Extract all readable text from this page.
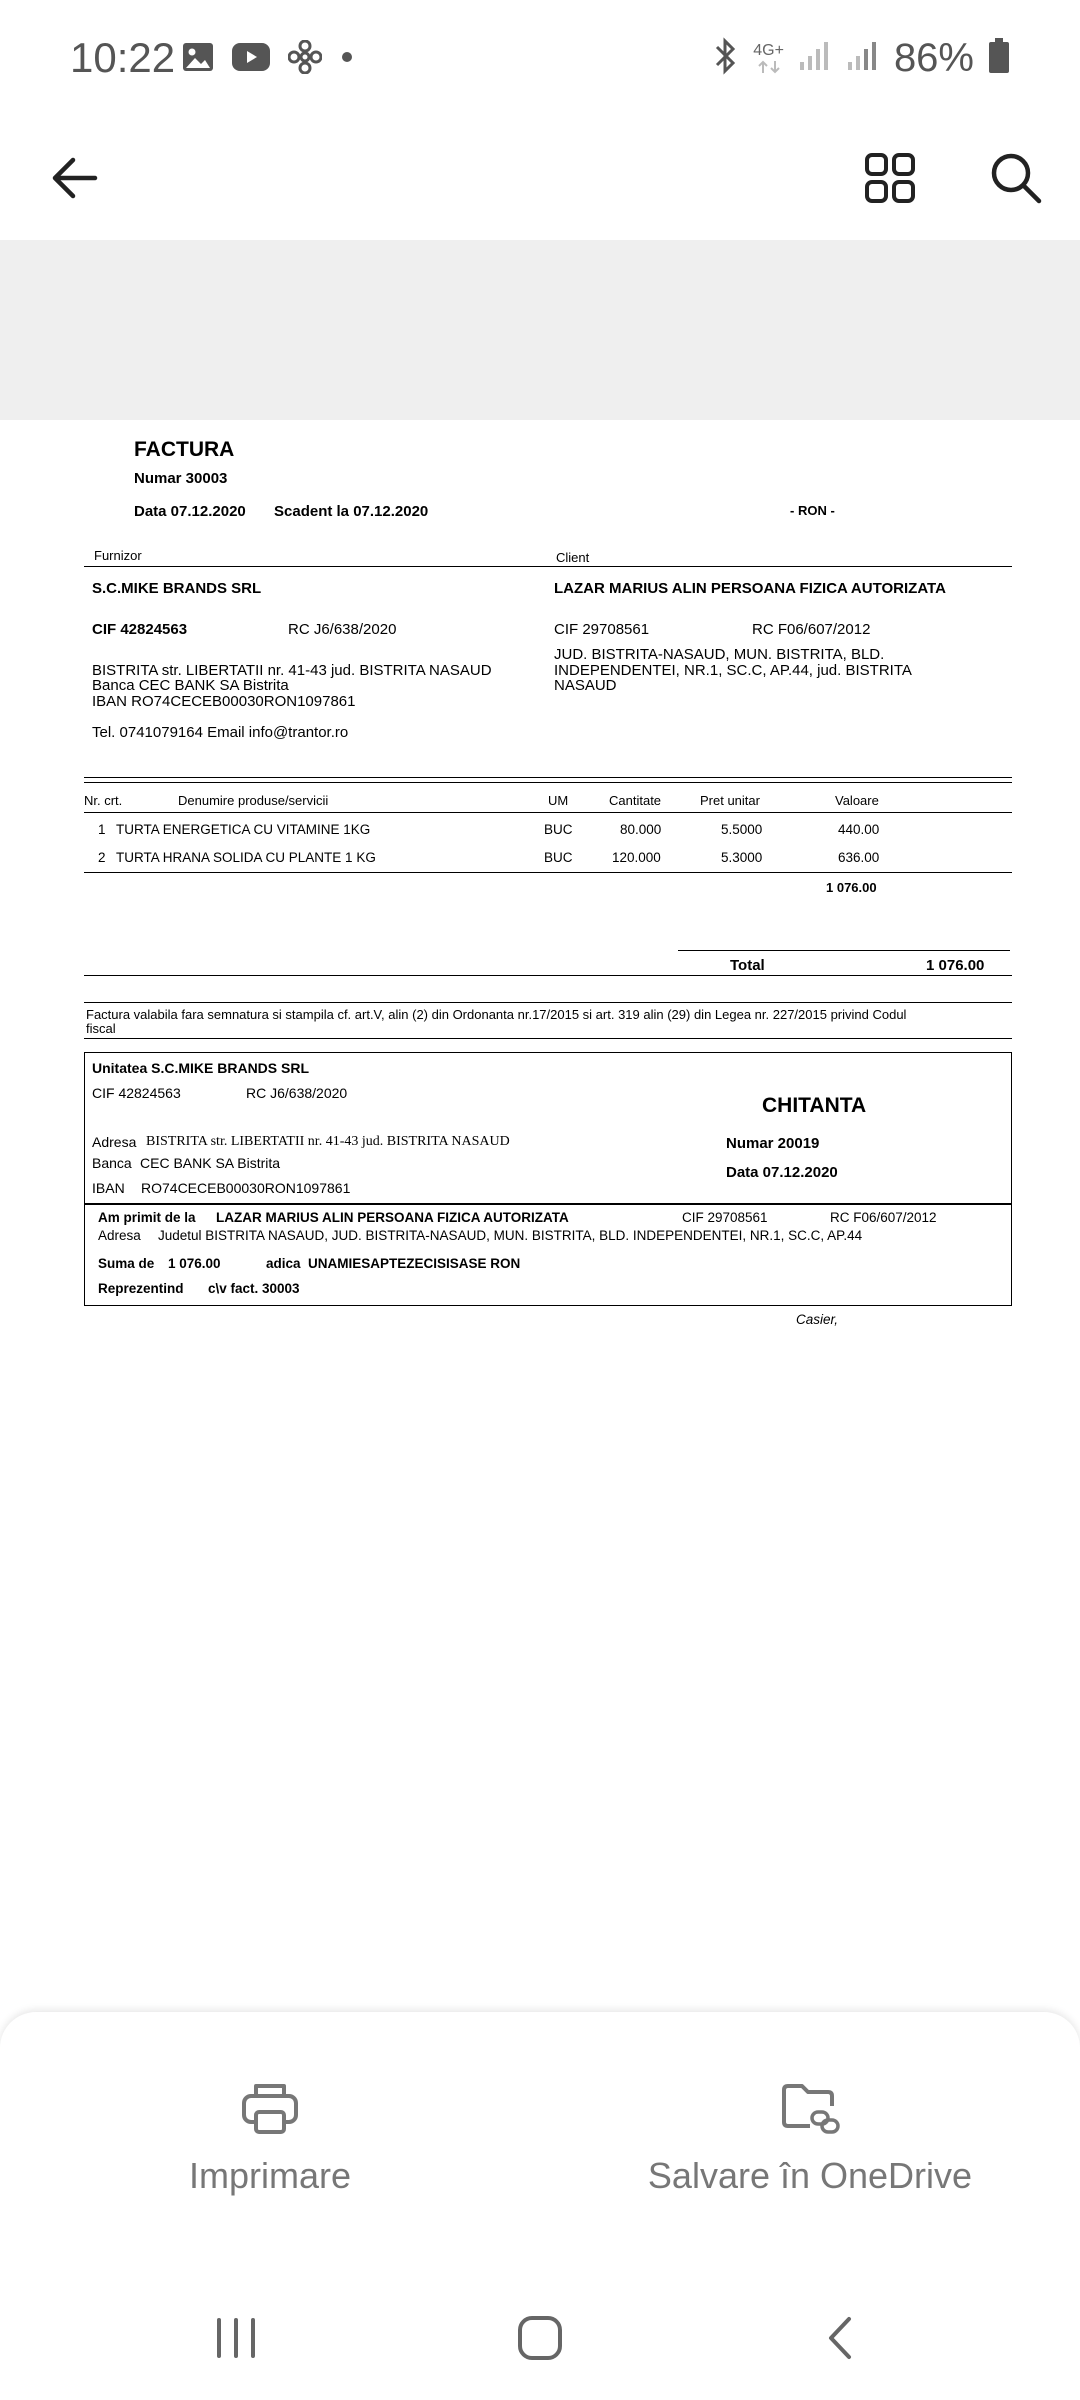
10:22	4G+	86%
FACTURA
Numar 30003
Data 07.12.2020 Scadent la 07.12.2020	- RON -
Furnizor	Client
S.C.MIKE BRANDS SRL	LAZAR MARIUS ALIN PERSOANA FIZICA AUTORIZATA
CIF 42824563	RC J6/638/2020	CIF 29708561	RC F06/607/2012
JUD. BISTRITA-NASAUD, MUN. BISTRITA, BLD.
BISTRITA str. LIBERTATII nr. 41-43 jud. BISTRITA NASAUD	INDEPENDENTEI, NR.1, SC.C, AP.44, jud. BISTRITA
Banca CEC BANK SA Bistrita	NASAUD
IBAN RO74CECEB00030RON1097861
Tel. 0741079164 Email info@trantor.ro
Nr. crt.	Denumire produse/servicii	UM	Cantitate	Pret unitar	Valoare
1 TURTA ENERGETICA CU VITAMINE 1KG	BUC	80.000	5.5000	440.00
2 TURTA HRANA SOLIDA CU PLANTE 1 KG	BUC	120.000	5.3000	636.00
1 076.00
Total	1 076.00
Factura valabila fara semnatura si stampila cf. art.V, alin (2) din Ordonanta nr.17/2015 si art. 319 alin (29) din Legea nr. 227/2015 privind Codul
fiscal
Unitatea S.C.MIKE BRANDS SRL
CIF 42824563	RC J6/638/2020
CHITANTA
Adresa BISTRITA str. LIBERTATII nr. 41-43 jud. BISTRITA NASAUD	Numar 20019
Banca CEC BANK SA Bistrita
Data 07.12.2020
IBAN RO74CECEB00030RON1097861
Am primit de la LAZAR MARIUS ALIN PERSOANA FIZICA AUTORIZATA	CIF 29708561	RC F06/607/2012
Adresa Judetul BISTRITA NASAUD, JUD. BISTRITA-NASAUD, MUN. BISTRITA, BLD. INDEPENDENTEI, NR.1, SC.C, AP.44
Suma de 1 076.00	adica UNAMIESAPTEZECISISASE RON
Reprezentind c\v fact. 30003
Casier,
Imprimare	Salvare în OneDrive
